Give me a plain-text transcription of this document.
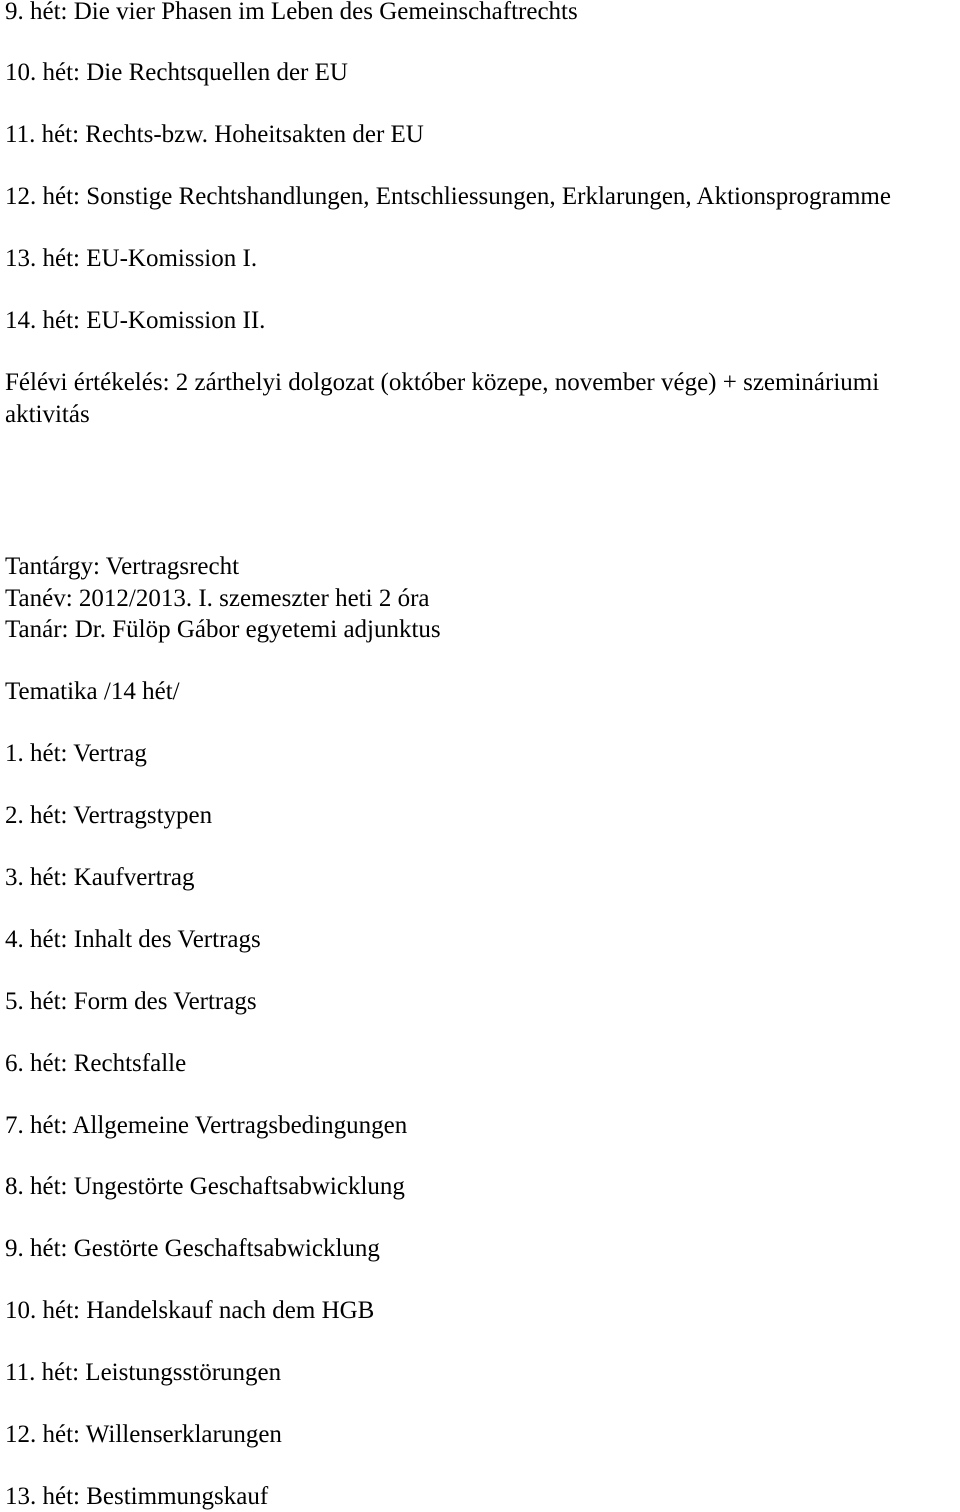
9. hét: Die vier Phasen im Leben des Gemeinschaftrechts

10. hét: Die Rechtsquellen der EU

11. hét: Rechts-bzw. Hoheitsakten der EU

12. hét: Sonstige Rechtshandlungen, Entschliessungen, Erklarungen, Aktionsprogramme

13. hét: EU-Komission I.

14. hét: EU-Komission II.

Félévi értékelés: 2 zárthelyi dolgozat (október közepe, november vége) + szemináriumi aktivitás

Tantárgy: Vertragsrecht

Tanév: 2012/2013. I. szemeszter heti 2 óra

Tanár: Dr. Fülöp Gábor egyetemi adjunktus

Tematika /14 hét/

1. hét: Vertrag

2. hét: Vertragstypen

3. hét: Kaufvertrag

4. hét: Inhalt des Vertrags

5. hét: Form des Vertrags

6. hét: Rechtsfalle

7. hét: Allgemeine Vertragsbedingungen

8. hét: Ungestörte Geschaftsabwicklung

9. hét: Gestörte Geschaftsabwicklung

10. hét: Handelskauf nach dem HGB

11. hét: Leistungsstörungen

12. hét: Willenserklarungen

13. hét: Bestimmungskauf
